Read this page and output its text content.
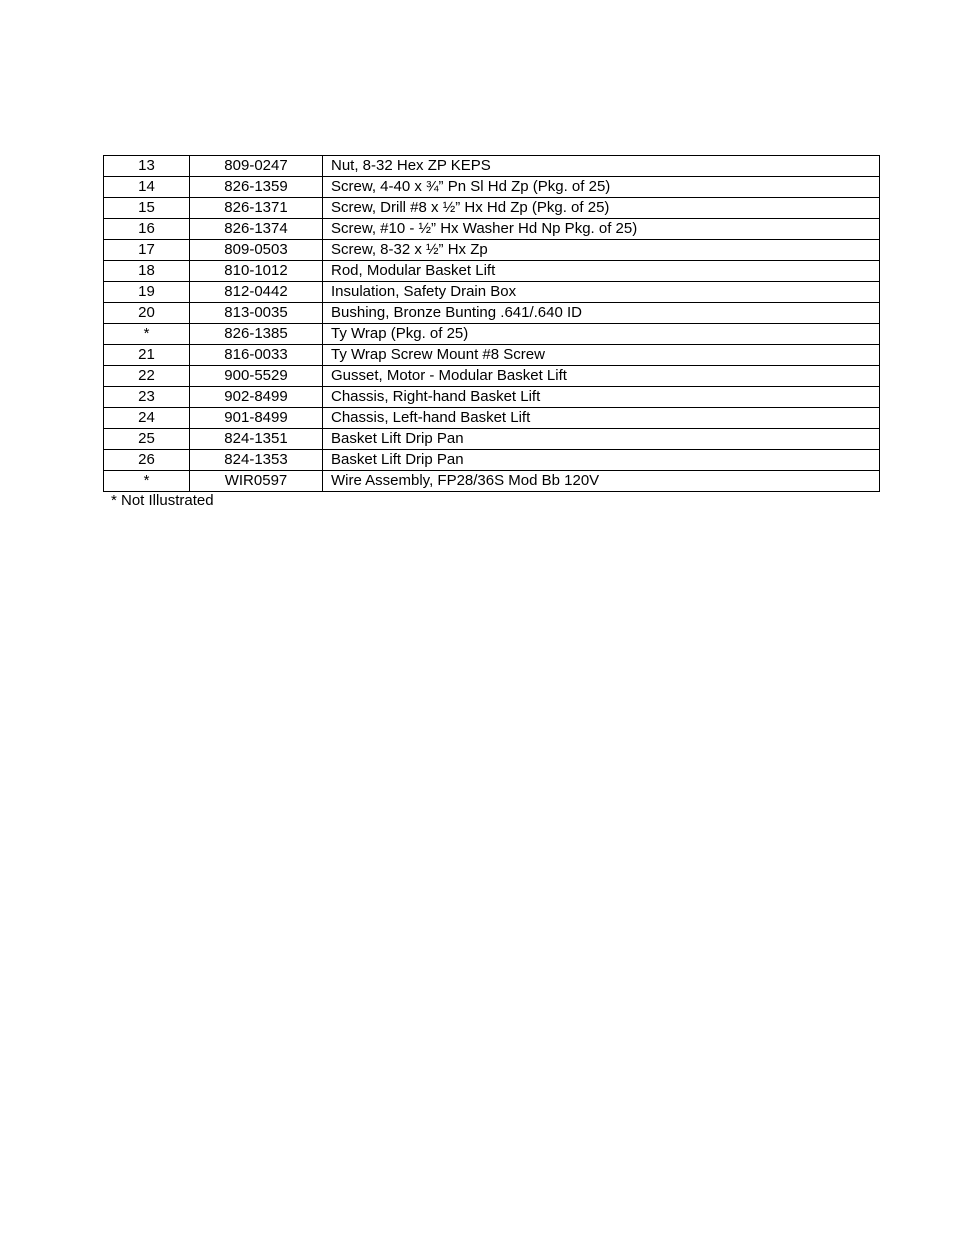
13	809-0247	Nut, 8-32 Hex ZP KEPS
14	826-1359	Screw, 4-40 x ¾” Pn Sl Hd Zp (Pkg. of 25)
15	826-1371	Screw, Drill #8 x ½” Hx Hd Zp (Pkg. of 25)
16	826-1374	Screw, #10 - ½” Hx Washer Hd Np Pkg. of 25)
17	809-0503	Screw, 8-32 x ½” Hx Zp
18	810-1012	Rod, Modular Basket Lift
19	812-0442	Insulation, Safety Drain Box
20	813-0035	Bushing, Bronze Bunting .641/.640 ID
*	826-1385	Ty Wrap (Pkg. of 25)
21	816-0033	Ty Wrap Screw Mount #8 Screw
22	900-5529	Gusset, Motor - Modular Basket Lift
23	902-8499	Chassis, Right-hand Basket Lift
24	901-8499	Chassis, Left-hand Basket Lift
25	824-1351	Basket Lift Drip Pan
26	824-1353	Basket Lift Drip Pan
*	WIR0597	Wire Assembly, FP28/36S Mod Bb 120V
* Not Illustrated
